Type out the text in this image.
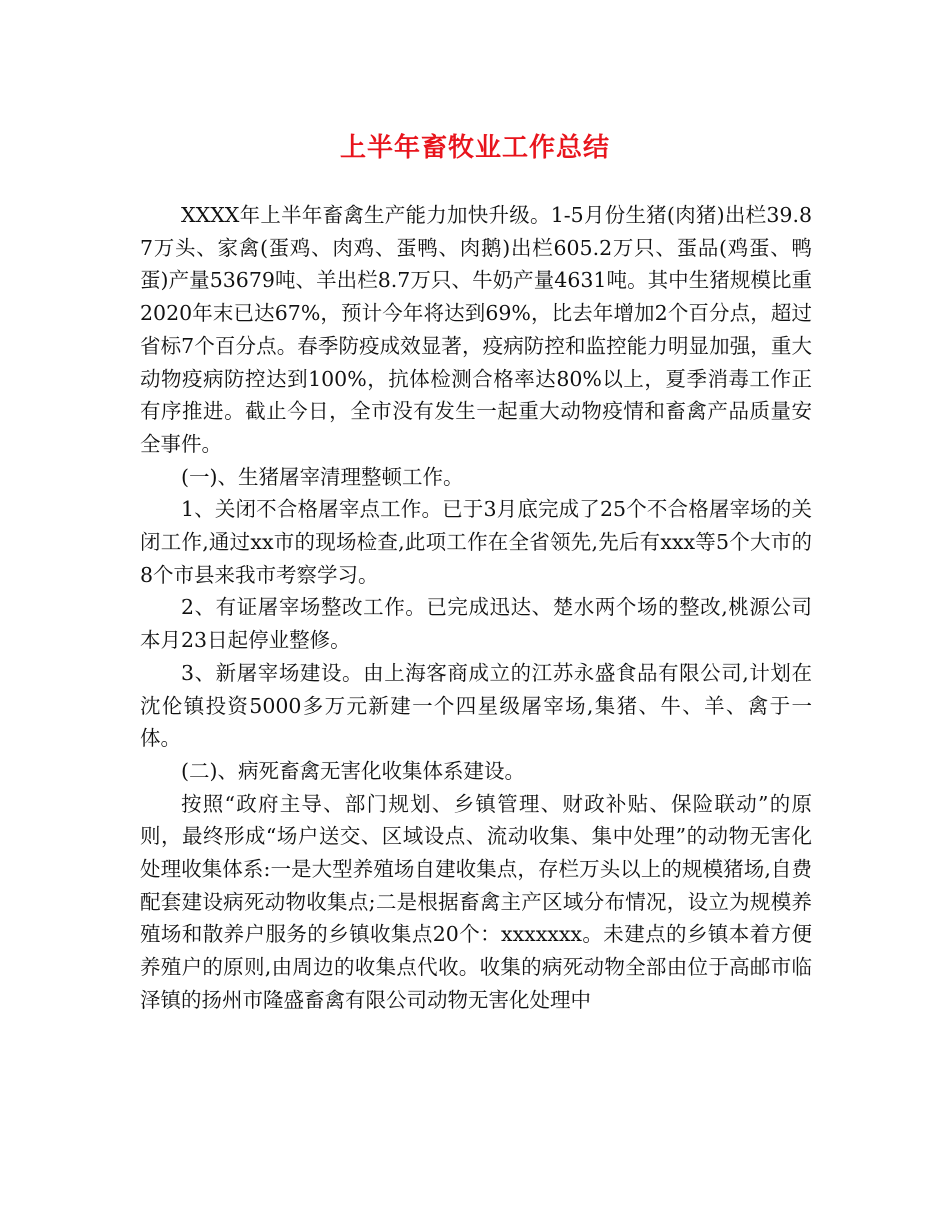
上半年畜牧业工作总结

XXXX年上半年畜禽生产能力加快升级。1-5月份生猪(肉猪)出栏39.87万头、家禽(蛋鸡、肉鸡、蛋鸭、肉鹅)出栏605.2万只、蛋品(鸡蛋、鸭蛋)产量53679吨、羊出栏8.7万只、牛奶产量4631吨。其中生猪规模比重2020年末已达67%，预计今年将达到69%，比去年增加2个百分点，超过省标7个百分点。春季防疫成效显著，疫病防控和监控能力明显加强，重大动物疫病防控达到100%，抗体检测合格率达80%以上，夏季消毒工作正有序推进。截止今日，全市没有发生一起重大动物疫情和畜禽产品质量安全事件。

(一)、生猪屠宰清理整顿工作。

1、关闭不合格屠宰点工作。已于3月底完成了25个不合格屠宰场的关闭工作,通过xx市的现场检查,此项工作在全省领先,先后有xxx等5个大市的8个市县来我市考察学习。

2、有证屠宰场整改工作。已完成迅达、楚水两个场的整改,桃源公司本月23日起停业整修。

3、新屠宰场建设。由上海客商成立的江苏永盛食品有限公司,计划在沈伦镇投资5000多万元新建一个四星级屠宰场,集猪、牛、羊、禽于一体。

(二)、病死畜禽无害化收集体系建设。

按照“政府主导、部门规划、乡镇管理、财政补贴、保险联动”的原则，最终形成“场户送交、区域设点、流动收集、集中处理”的动物无害化处理收集体系:一是大型养殖场自建收集点，存栏万头以上的规模猪场,自费配套建设病死动物收集点;二是根据畜禽主产区域分布情况，设立为规模养殖场和散养户服务的乡镇收集点20个：xxxxxxx。未建点的乡镇本着方便养殖户的原则,由周边的收集点代收。收集的病死动物全部由位于高邮市临泽镇的扬州市隆盛畜禽有限公司动物无害化处理中
